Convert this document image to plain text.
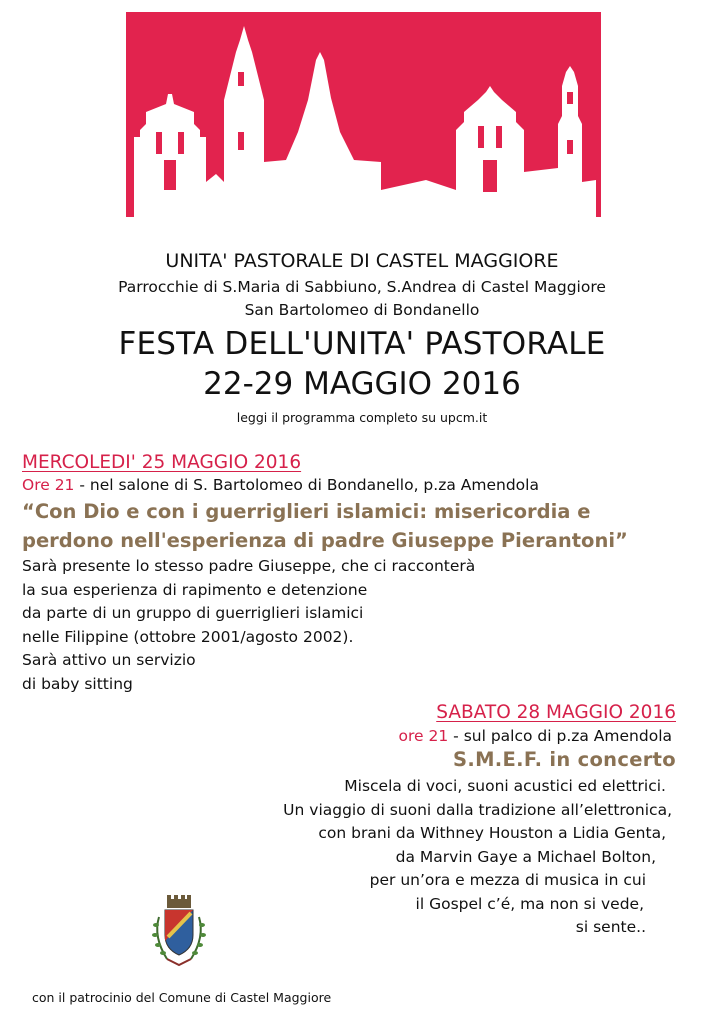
UNITA' PASTORALE DI CASTEL MAGGIORE
Parrocchie di S.Maria di Sabbiuno, S.Andrea di Castel Maggiore
San Bartolomeo di Bondanello
FESTA DELL'UNITA' PASTORALE
22-29 MAGGIO 2016
leggi il programma completo su upcm.it
MERCOLEDI' 25 MAGGIO 2016
Ore 21 - nel salone di S. Bartolomeo di Bondanello, p.za Amendola
“Con Dio e con i guerriglieri islamici: misericordia e
perdono nell'esperienza di padre Giuseppe Pierantoni”
Sarà presente lo stesso padre Giuseppe, che ci racconterà
la sua esperienza di rapimento e detenzione
da parte di un gruppo di guerriglieri islamici
nelle Filippine (ottobre 2001/agosto 2002).
Sarà attivo un servizio
di baby sitting
SABATO 28 MAGGIO 2016
ore 21 - sul palco di p.za Amendola
S.M.E.F. in concerto
Miscela di voci, suoni acustici ed elettrici.
Un viaggio di suoni dalla tradizione all’elettronica,
con brani da Withney Houston a Lidia Genta,
da Marvin Gaye a Michael Bolton,
per un’ora e mezza di musica in cui
il Gospel c’é, ma non si vede,
si sente..
con il patrocinio del Comune di Castel Maggiore
